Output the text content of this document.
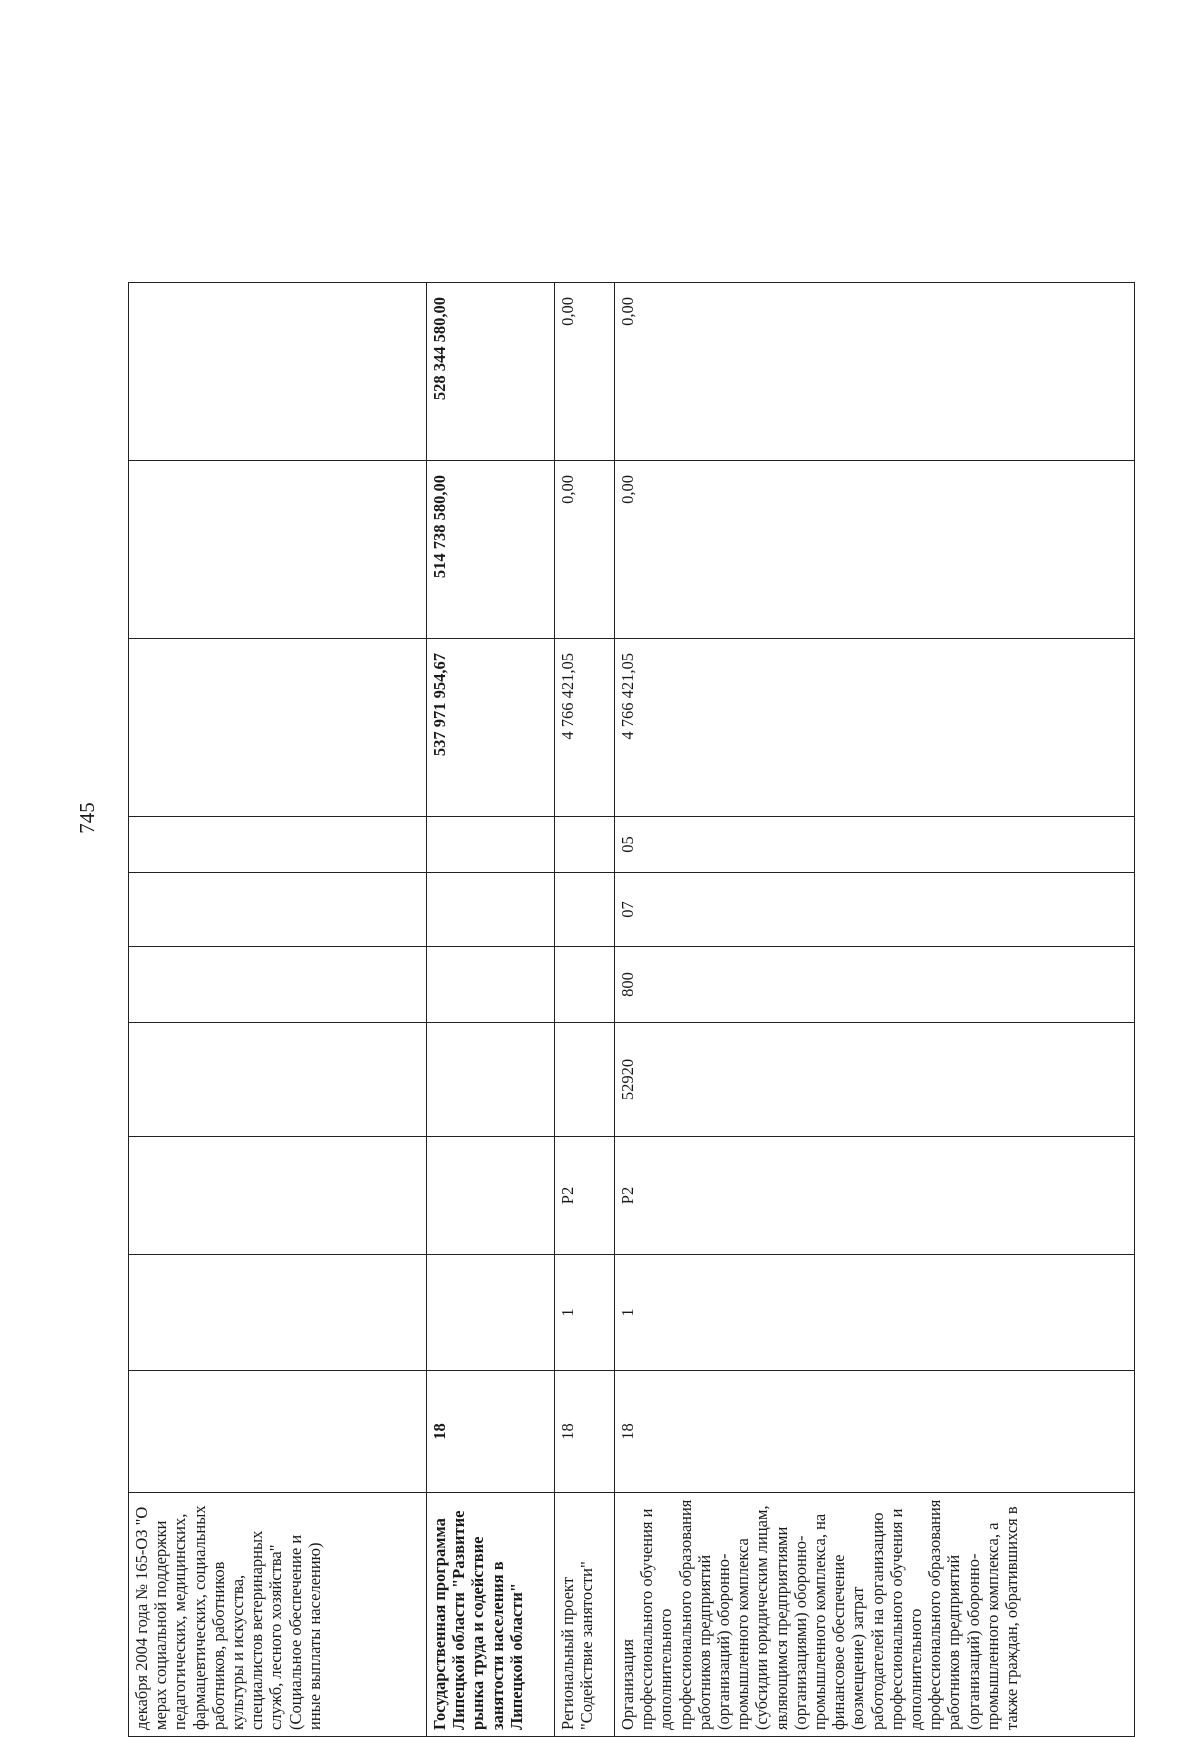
745
декабря 2004 года № 165-ОЗ "О мерах социальной поддержки педагогических, медицинских, фармацевтических, социальных работников, работников культуры и искусства, специалистов ветеринарных служб, лесного хозяйства" (Социальное обеспечение и иные выплаты населению)										

Государственная программа Липецкой области "Развитие рынка труда и содействие занятости населения в Липецкой области"	18							537 971 954,67	514 738 580,00	528 344 580,00

Региональный проект "Содействие занятости"	18	1	Р2					4 766 421,05	0,00	0,00

Организация профессионального обучения и дополнительного профессионального образования работников предприятий (организаций) оборонно-промышленного комплекса (субсидии юридическим лицам, являющимся предприятиями (организациями) оборонно-промышленного комплекса, на финансовое обеспечение (возмещение) затрат работодателей на организацию профессионального обучения и дополнительного профессионального образования работников предприятий (организаций) оборонно-промышленного комплекса, а также граждан, обратившихся в	18	1	Р2	52920	800	07	05	4 766 421,05	0,00	0,00
